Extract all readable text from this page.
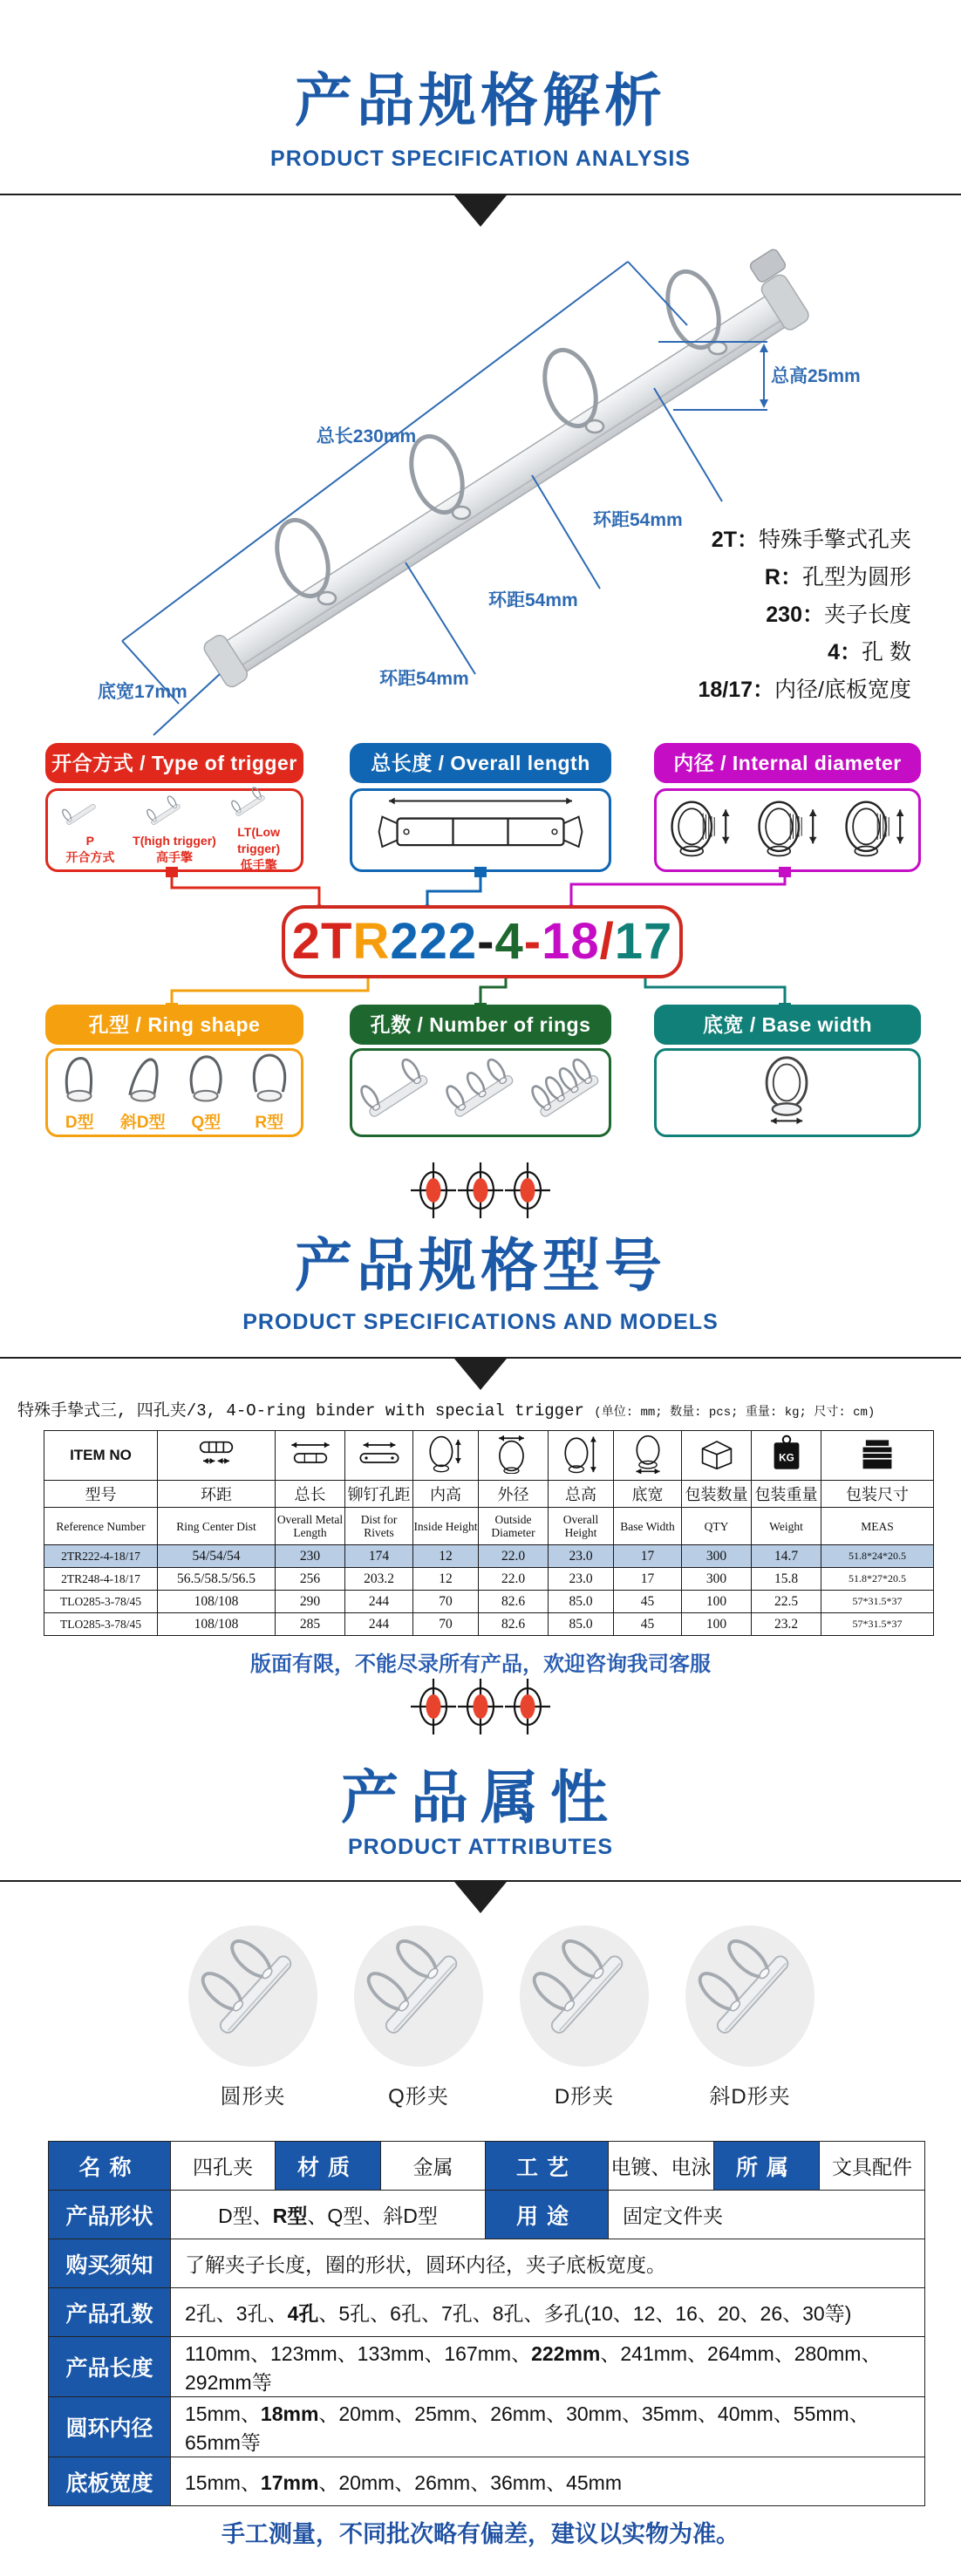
产品规格解析
PRODUCT SPECIFICATION ANALYSIS
总长230mm
总高25mm
环距54mm
环距54mm
环距54mm
底宽17mm
2T：特殊手擎式孔夹
R：孔型为圆形
230：夹子长度
4：孔 数
18/17：内径/底板宽度
开合方式 / Type of trigger
P
开合方式
T(high trigger)
高手擎
LT(Low trigger)
低手擎
总长度 / Overall length	内径 / Internal diameter
2TR222-4-18/17
孔型 / Ring shape
D型	斜D型	Q型	R型
孔数 / Number of rings	底宽 / Base width
产品规格型号
PRODUCT SPECIFICATIONS AND MODELS
特殊手挚式三, 四孔夹/3, 4-O-ring binder with special trigger (单位: mm; 数量: pcs; 重量: kg; 尺寸: cm)
ITEM NO									KG

型号	环距	总长	铆钉孔距	内高	外径	总高	底宽	包装数量	包装重量	包装尺寸
Reference Number	Ring Center Dist	Overall Metal Length	Dist for Rivets	Inside Height	Outside Diameter	Overall Height	Base Width	QTY	Weight	MEAS
2TR222-4-18/17	54/54/54	230	174	12	22.0	23.0	17	300	14.7	51.8*24*20.5
2TR248-4-18/17	56.5/58.5/56.5	256	203.2	12	22.0	23.0	17	300	15.8	51.8*27*20.5
TLO285-3-78/45	108/108	290	244	70	82.6	85.0	45	100	22.5	57*31.5*37
TLO285-3-78/45	108/108	285	244	70	82.6	85.0	45	100	23.2	57*31.5*37
版面有限，不能尽录所有产品，欢迎咨询我司客服
产品属性
PRODUCT ATTRIBUTES
圆形夹	Q形夹	D形夹	斜D形夹
名称	四孔夹	材质	金属	工艺	电镀、电泳	所属	文具配件
产品形状	D型、R型、Q型、斜D型			用途	固定文件夹		
购买须知	了解夹子长度，圈的形状，圆环内径，夹子底板宽度。						
产品孔数	2孔、3孔、4孔、5孔、6孔、7孔、8孔、多孔(10、12、16、20、26、30等)						
产品长度	110mm、123mm、133mm、167mm、222mm、241mm、264mm、280mm、292mm等						
圆环内径	15mm、18mm、20mm、25mm、26mm、30mm、35mm、40mm、55mm、65mm等						
底板宽度	15mm、17mm、20mm、26mm、36mm、45mm						
手工测量，不同批次略有偏差，建议以实物为准。
